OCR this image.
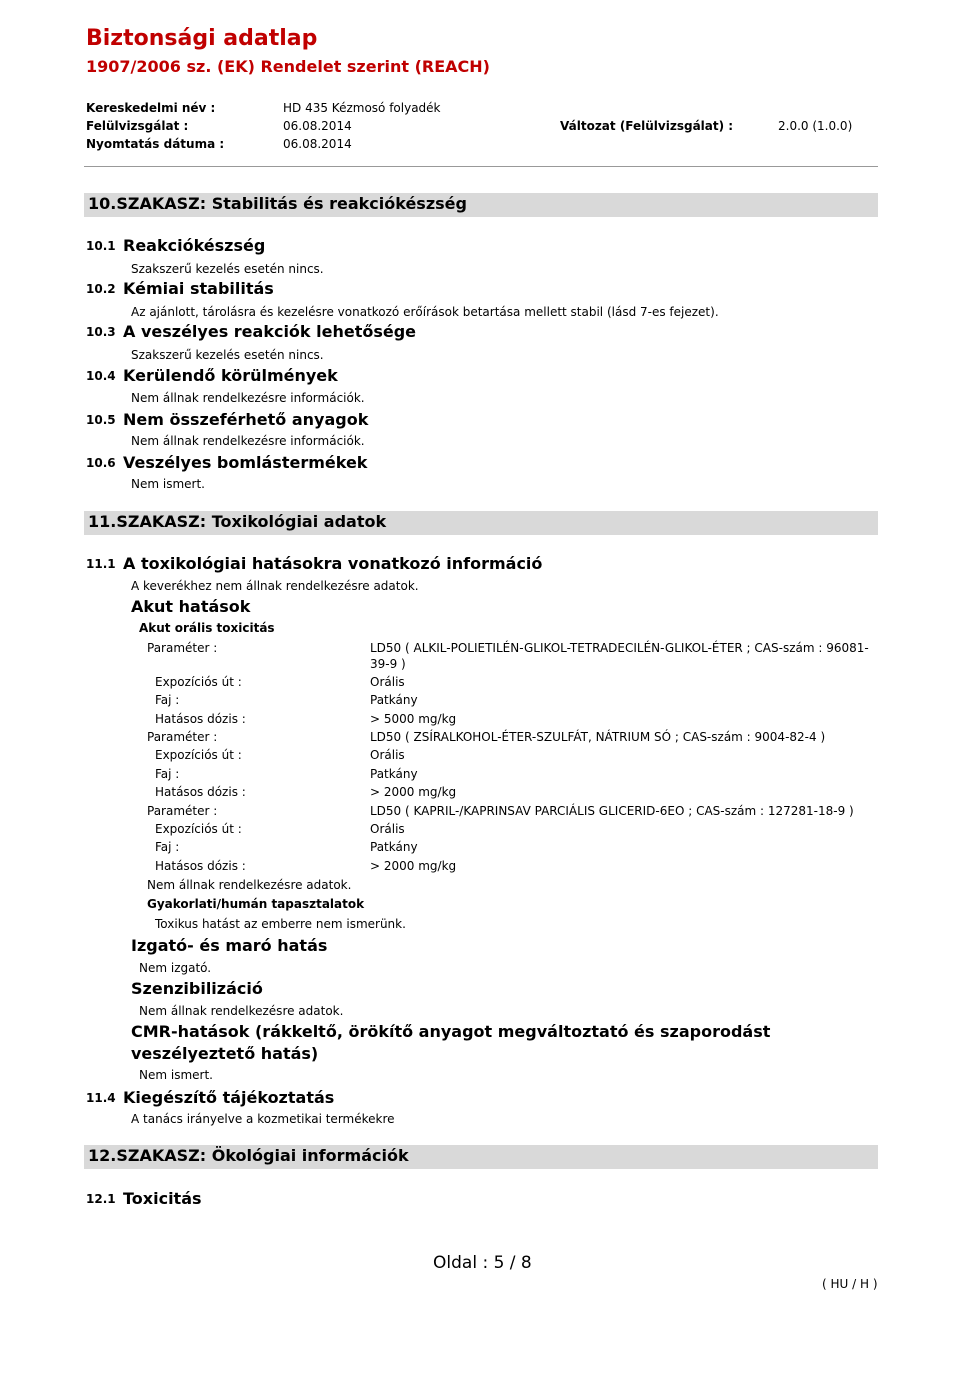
Biztonsági adatlap
1907/2006 sz. (EK) Rendelet szerint (REACH)
Kereskedelmi név :	HD 435 Kézmosó folyadék
Felülvizsgálat :	06.08.2014	Változat (Felülvizsgálat) :	2.0.0 (1.0.0)
Nyomtatás dátuma :	06.08.2014
10.SZAKASZ: Stabilitás és reakciókészség
10.1 Reakciókészség
Szakszerű kezelés esetén nincs.
10.2 Kémiai stabilitás
Az ajánlott, tárolásra és kezelésre vonatkozó erőírások betartása mellett stabil (lásd 7-es fejezet).
10.3 A veszélyes reakciók lehetősége
Szakszerű kezelés esetén nincs.
10.4 Kerülendő körülmények
Nem állnak rendelkezésre információk.
10.5 Nem összeférhető anyagok
Nem állnak rendelkezésre információk.
10.6 Veszélyes bomlástermékek
Nem ismert.
11.SZAKASZ: Toxikológiai adatok
11.1 A toxikológiai hatásokra vonatkozó információ
A keverékhez nem állnak rendelkezésre adatok.
Akut hatások
Akut orális toxicitás
Paraméter :	LD50 ( ALKIL-POLIETILÉN-GLIKOL-TETRADECILÉN-GLIKOL-ÉTER ; CAS-szám : 96081-
39-9 )
Expozíciós út :	Orális
Faj :	Patkány
Hatásos dózis :	> 5000 mg/kg
Paraméter :	LD50 ( ZSÍRALKOHOL-ÉTER-SZULFÁT, NÁTRIUM SÓ ; CAS-szám : 9004-82-4 )
Expozíciós út :	Orális
Faj :	Patkány
Hatásos dózis :	> 2000 mg/kg
Paraméter :	LD50 ( KAPRIL-/KAPRINSAV PARCIÁLIS GLICERID-6EO ; CAS-szám : 127281-18-9 )
Expozíciós út :	Orális
Faj :	Patkány
Hatásos dózis :	> 2000 mg/kg
Nem állnak rendelkezésre adatok.
Gyakorlati/humán tapasztalatok
Toxikus hatást az emberre nem ismerünk.
Izgató- és maró hatás
Nem izgató.
Szenzibilizáció
Nem állnak rendelkezésre adatok.
CMR-hatások (rákkeltő, örökítő anyagot megváltoztató és szaporodást
veszélyeztető hatás)
Nem ismert.
11.4 Kiegészítő tájékoztatás
A tanács irányelve a kozmetikai termékekre
12.SZAKASZ: Ökológiai információk
12.1 Toxicitás
Oldal : 5 / 8
( HU / H )
